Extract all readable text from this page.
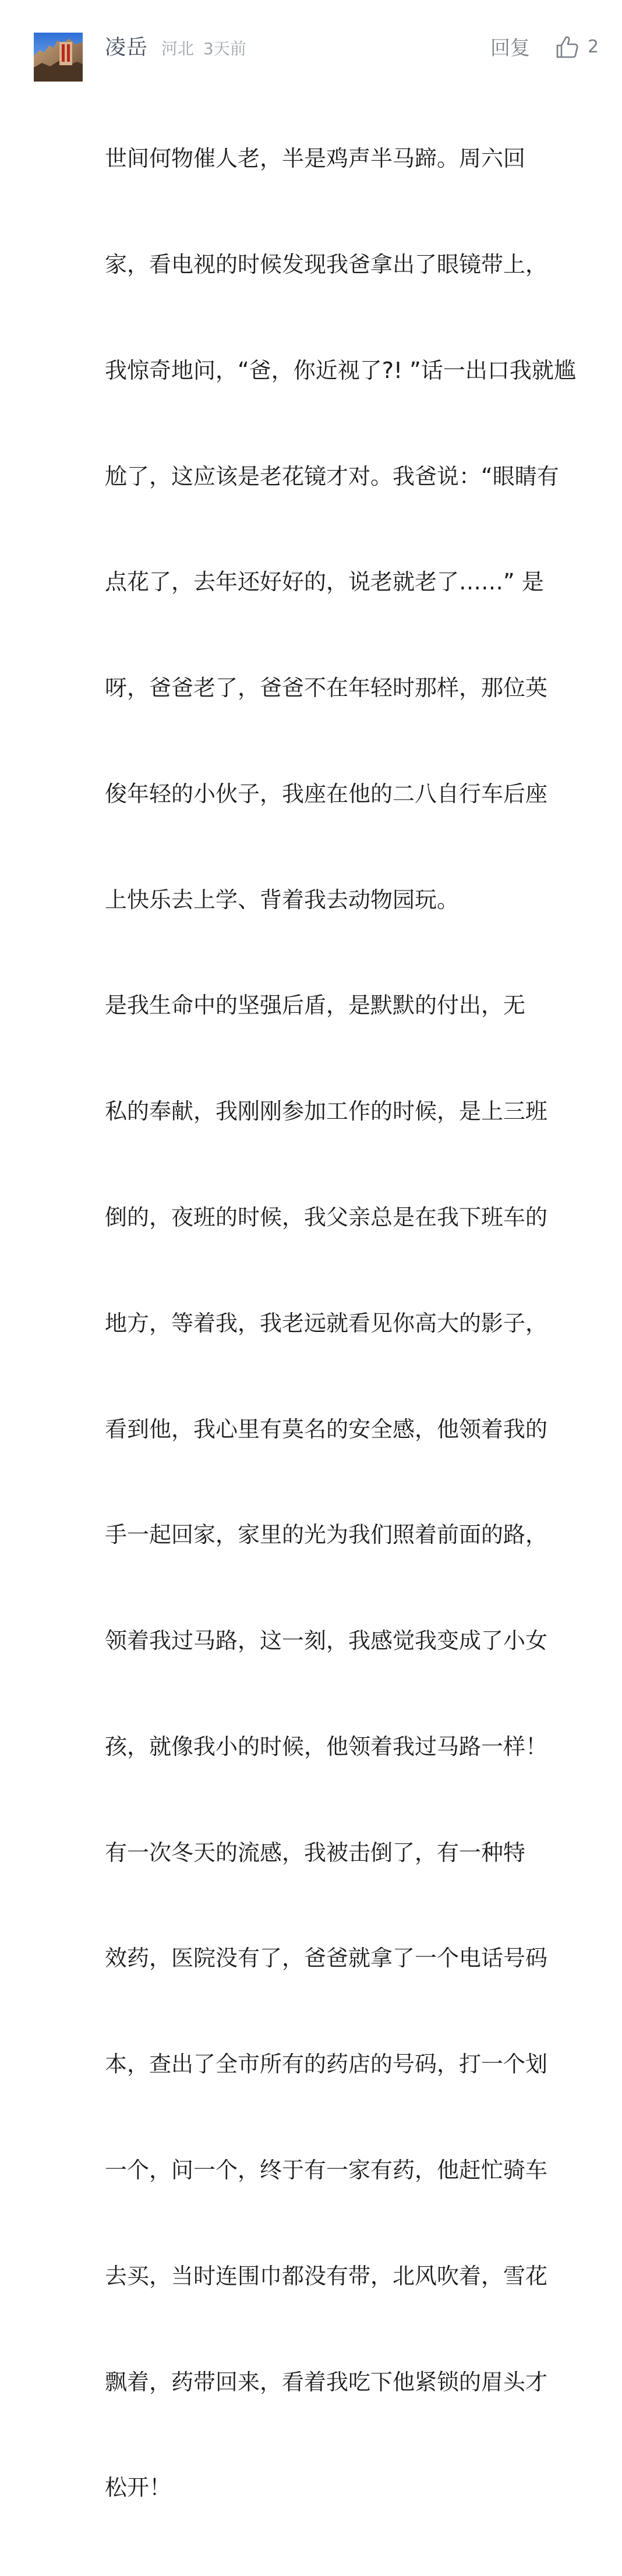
凌岳 河北 3天前	回复	2

世间何物催人老，半是鸡声半马蹄。周六回

家，看电视的时候发现我爸拿出了眼镜带上，

我惊奇地问，“爸，你近视了?! ”话一出口我就尴

尬了，这应该是老花镜才对。我爸说：“眼睛有

点花了，去年还好好的，说老就老了……” 是

呀，爸爸老了，爸爸不在年轻时那样，那位英

俊年轻的小伙子，我座在他的二八自行车后座

上快乐去上学、背着我去动物园玩。

是我生命中的坚强后盾，是默默的付出，无

私的奉献，我刚刚参加工作的时候，是上三班

倒的，夜班的时候，我父亲总是在我下班车的

地方，等着我，我老远就看见你高大的影子，

看到他，我心里有莫名的安全感，他领着我的

手一起回家，家里的光为我们照着前面的路，

领着我过马路，这一刻，我感觉我变成了小女

孩，就像我小的时候，他领着我过马路一样！

有一次冬天的流感，我被击倒了，有一种特

效药，医院没有了，爸爸就拿了一个电话号码

本，查出了全市所有的药店的号码，打一个划

一个，问一个，终于有一家有药，他赶忙骑车

去买，当时连围巾都没有带，北风吹着，雪花

飘着，药带回来，看着我吃下他紧锁的眉头才

松开！
